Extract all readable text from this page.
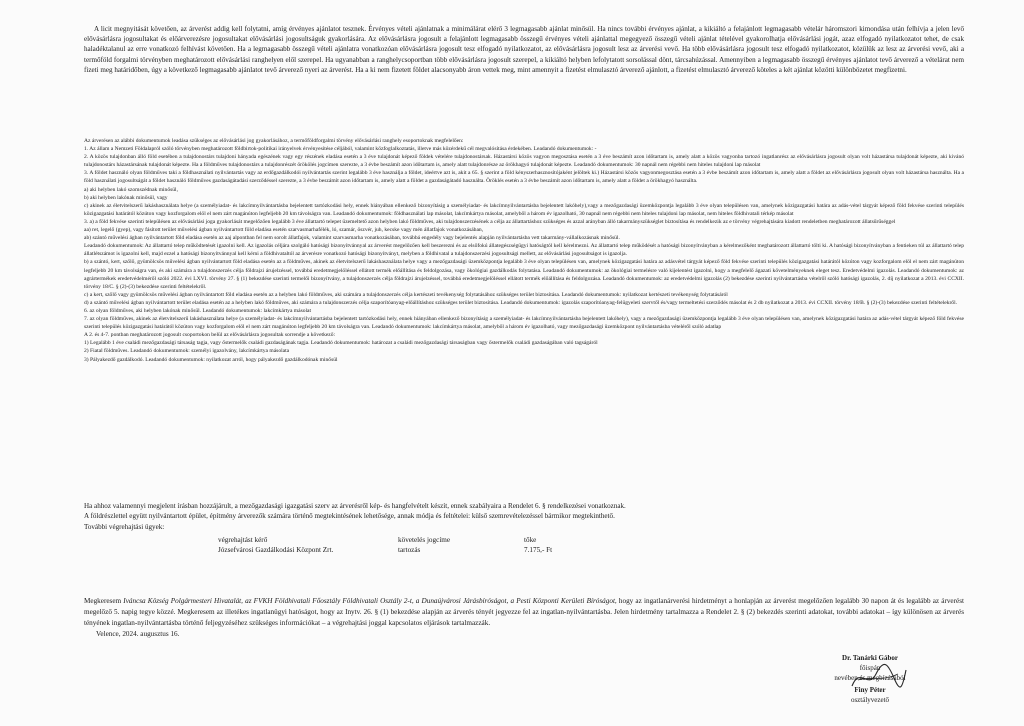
A licit megnyitását követően, az árverést addig kell folytatni, amíg érvényes ajánlatot tesznek. Érvényes vételi ajánlatnak a minimálárat elérő 3 legmagasabb ajánlat minősül. Ha nincs további érvényes ajánlat, a kikiáltó a felajánlott legmagasabb vételár háromszori kimondása után felhívja a jelen levő elővásárlásra jogosultakat és előárverezésre jogosultakat elővásárlási jogosultságuk gyakorlására. Az elővásárlásra jogosult a felajánlott legmagasabb összegű érvényes vételi ajánlattal megegyező összegű vételi ajánlat tételével gyakorolhatja elővásárlási jogát, azaz elfogadó nyilatkozatot tehet, de csak haladéktalanul az erre vonatkozó felhívást követően. Ha a legmagasabb összegű vételi ajánlatra vonatkozóan elővásárlásra jogosult tesz elfogadó nyilatkozatot, az elővásárlásra jogosult lesz az árverési vevő. Ha több elővásárlásra jogosult tesz elfogadó nyilatkozatot, közülük az lesz az árverési vevő, aki a termőföld forgalmi törvényben meghatározott elővásárlási ranghelyen elől szerepel. Ha ugyanabban a ranghelycsoportban több elővásárlásra jogosult szerepel, a kikiáltó helyben lefolytatott sorsolással dönt, tárcsahúzással. Amennyiben a legmagasabb összegű érvényes ajánlatot tevő árverező a vételárat nem fizeti meg határidőben, úgy a következő legmagasabb ajánlatot tevő árverező nyeri az árverést. Ha a ki nem fizetett földet alacsonyabb áron vettek meg, mint amennyit a fizetést elmulasztó árverező ajánlott, a fizetést elmulasztó árverező köteles a két ajánlat közötti különbözetet megfizetni.

Az árverésen az alábbi dokumentumok leadása szükséges az elővásárlási jog gyakorlásához, a termőföldforgalmi törvény elővásárlási ranghely esoportoknak megfelelően:

1. Az állam a Nemzeti Földalapról szóló törvényben meghatározott földbirtok-politikai irányelvek érvényesítése céljából, valamint közfoglalkoztatás, illetve más közérdekű cél megvalósítása érdekében. Leadandó dokumentumok: -

2. A közös tulajdonban álló föld esetében a tulajdonostárs tulajdoni hányada egészének vagy egy részének eladása esetén a 3 éve tulajdonát képező földek vételére tulajdonostársak. Házastársi közös vagyon megosztása esetén a 3 éve beszámít azon időtartam is, amely alatt a közös vagyonba tartozó ingatlanrész az elővásárlásra jogosult olyan volt házastársa tulajdonát képezte, aki kivánó tulajdonostárs házastársának tulajdonát képezte. Ha a földműves tulajdonostárs a tulajdonrészét örökölés jogcímen szerezte, a 3 évbe beszámít azon időtartam is, amely alatt tulajdonrésze az örökhagyó tulajdonát képezte. Leadandó dokumentumok: 30 napnál nem régebbi nem hiteles tulajdoni lap másolat

3. A földet használó olyan földműves taki a földhasználati nyilvántartás vagy az erdőgazdálkodói nyilvántartás szerint legalább 3 éve használja a földet, ideértve azt is, akit a 65. § szerint a föld kényszerhasznosítójaként jelöltek ki.) Házastársi közös vagyonmegosztása esetén a 3 évbe beszámít azon időtartam is, amely alatt a földet az elővásárlásra jogosult olyan volt házastársa használta. Ha a föld használati jogosultságát a földet használó földműves gazdaságátadási szerződéssel szerezte, a 3 évbe beszámít azon időtartam is, amely alatt a földet a gazdaságátadó használta. Öröklés esetén a 3 évbe beszámít azon időtartam is, amely alatt a földet a örökhagyó használta.

a) aki helyben lakó szomszédnak minősül,

b) aki helyben lakónak minősül, vagy

c) akinek az életvitelszerű lakáshasználata helye (a személyiadat- és lakcímnyilvántartásba bejelentett tartózkodási hely, ennek hiányában ellenkező bizonyításig a személyiadat- és lakcímnyilvántartásba bejelentett lakóhely),vagy a mezőgazdasági üzemközpontja legalább 3 éve olyan településen van, amelynek közigazgatási határa az adás-vétel tárgyát képező föld fekvése szerinti település közigazgatási határától közúton vagy kozforgalom elöl el nem zárt magánúton legfeljebb 20 km távolságra van. Leadandó dokumentumok: földhasználati lap másolat, lakcímkártya másolat, amelyből a három év igazolható, 30 napnál nem régebbi nem hiteles tulajdoni lap másolat, nem hiteles földhivatali térkép másolat

3. a) a föld fekvése szerinti településen az elővásárlási joga gyakorlását megelőzően legalább 3 éve állattartó telepet üzemeltető azon helyben lakó földműves, aki tulajdonszerzésének a célja az állattartáshoz szükséges és azzal arányban álló takarmányszükséglet biztosítása és rendelkezik az e törvény végrehajtására kiadott rendeletben meghatározott állatsűrűséggel

aa) ret, legelő (gyep), vagy fásított terület művelési ágban nyilvántartott föld eladása esetén szarvasmarhafélék, ló, szamár, öszvér, juh, kecske vagy mén állatfajok vonatkozásában,

ab) szántó művelési ágban nyilvántartott föld eladása esetén az aaj alpontban fel nem sorolt állatfajok, valamint szarvasmarha vonatkozásában, továbbá engedély vagy bejelentés alapján nyilvántartásba vett takarmány-vállalkozásnak minősül.

Leadandó dokumentumok: Az állattartó telep működtetését igazolni kell. Az igazolás céljára szolgáló hatósági bizonyítvánnyal az árverést megelőzően kell beszerezni és az elsőfokú állategészségügyi hatóságtól kell kérelmezni. Az állattartó telep működését a hatósági bizonyítványban a kérelmezőként meghatározott állattartó tölti ki. A hatósági bizonyítványban a fentieken túl az állattartó telep állatlétszámot is igazolni kell, majd ezzel a hatósági bizonyítvánnyal kell kérni a földhivataltól az árverésre vonatkozó hatósági bizonyítványt, melyben a földhivatal a tulajdonszerzési jogosultsági mellett, az elővásárlási jogosultságot is igazolja.

b) a szántó, kert, szőlő, gyümölcsös művelési ágban nyilvántartott föld eladása esetén az a földműves, akinek az életvitelszerű lakáshasználata helye vagy a mezőgazdasági üzemközpontja legalább 3 éve olyan településen van, amelynek közigazgatási határa az adásvétel tárgyát képező föld fekvése szerinti település közigazgatási határától közúton vagy kozforgalom elöl el nem zárt magánúton legfeljebb 20 km távolságra van, és aki számára a tulajdonszerzés célja földrajzi árujelzéssel, továbbá eredetmegjelöléssel ellátott termék előállítása és feldolgozása, vagy ökológiai gazdálkodás folytatása. Leadandó dokumentumok: az ökológiai termelésre való kijelentést igazolni, hogy a megfelelő ágazati követelményeknek eleget tesz. Eredetvédelmi igazolás. Leadandó dokumentumok: az agrártermékek eredetvédelméről szóló 2022. évi LXVI. törvény 27. § (1) bekezdése szerinti termelői bizonyítvány, a tulajdonszerzés célja földrajzi árujelzéssel, továbbá eredetmegjelöléssel ellátott termék előállítása és feldolgozása. Leadandó dokumentumok: az eredetvédelmi igazolás (2) bekezdése szerinti nyilvántartásba vételről szóló hatósági igazolás, 2. díj nyilatkozat a 2013. évi CCXII. törvény 18/C. § (2)-(3) bekezdése szerinti feltételekről.

c) a kert, szőlő vagy gyümölcsös művelési ágban nyilvántartott föld eladása esetén az a helyben lakó földműves, aki számára a tulajdonszerzés célja kertészeti tevékenység folytatásához szükséges terület biztosítása. Leadandó dokumentumok: nyilatkozat kertészeti tevékenység folytatásáról

d) a szántó művelési ágban nyilvántartott terület eladása esetén az a helyben lakó földműves, aki számára a tulajdonszerzés célja szaporítóanyag-előállításhoz szükséges terület biztosítása. Leadandó dokumentumok: igazolás szaporítóanyag-felügyeleti szervtől és/vagy termeltetési szerződés másolat és 2 db nyilatkozat a 2013. évi CCXII. törvény 18/B. § (2)-(3) bekezdése szerinti feltételekről.

6. az olyan földműves, aki helyben lakónak minősül. Leadandó dokumentumok: lakcímkártya másolat

7. az olyan földműves, akinek az életvitelszerű lakáshasználata helye (a személyiadat- és lakcímnyilvántartásba bejelentett tartózkodási hely, ennek hiányában ellenkező bizonyításig a személyiadat- és lakcímnyilvántartásba bejelentett lakóhely), vagy a mezőgazdasági üzemközpontja legalább 3 éve olyan településen van, amelynek közigazgatási határa az adás-vétel tárgyát képező föld fekvése szerinti település közigazgatási határától közúton vagy kozforgalom elöl el nem zárt magánúton legfeljebb 20 km távolságra van. Leadandó dokumentumok: lakcímkártya másolat, amelyből a három év igazolható, vagy mezőgazdasági üzemközpont nyilvántartásba vételéről szóló adatlap

A 2. és 4-7. pontban meghatározott jogosult csoportokon belül az elővásárlásra jogosultak sorrendje a következő:

1) Legalább 1 éve családi mezőgazdasági társaság tagja, vagy őstermelők családi gazdaságának tagja. Leadandó dokumentumok: határozat a családi mezőgazdasági társaságban vagy őstermelők családi gazdaságában való tagságáról

2) Fiatal földműves. Leadandó dokumentumok: személyi igazolvány, lakcímkártya másolata

3) Pályakezdő gazdálkodó. Leadandó dokumentumok: nyilatkozat arról, hogy pályakezdő gazdálkodónak minősül

Ha ahhoz valamennyi megjelent írásban hozzájárult, a mezőgazdasági igazgatási szerv az árverésről kép- és hangfelvételt készít, ennek szabályaira a Rendelet 6. § rendelkezései vonatkoznak.
A földrészlettel együtt nyilvántartott épület, építmény árverezők számára történő megtekintésének lehetősége, annak módja és feltételei: külső szemrevételezéssel bármikor megtekinthető.
További végrehajtási ügyek:
	végrehajtást kérő	követelés jogcíme	tőke
	Józsefvárosi Gazdálkodási Központ Zrt.	tartozás	7.175,- Ft
Megkeresem Iváncsa Község Polgármesteri Hivatalát, az FVKH Földhivatali Főosztály Földhivatali Osztály 2-t, a Dunaújvárosi Járásbíróságot, a Pesti Központi Kerületi Bíróságot, hogy az ingatlanárverési hirdetményt a honlapján az árverést megelőzően legalább 30 napon át és legalább az árverést megelőző 5. napig tegye közzé. Megkeresem az illetékes ingatlanügyi hatóságot, hogy az Inytv. 26. § (1) bekezdése alapján az árverés tényét jegyezze fel az ingatlan-nyilvántartásba. Jelen hirdetmény tartalmazza a Rendelet 2. § (2) bekezdés szerinti adatokat, további adatokat – így különösen az árverés tényének ingatlan-nyilvántartásba történő feljegyzéséhez szükséges információkat – a végrehajtási joggal kapcsolatos eljárások tartalmazzák.
Velence, 2024. augusztus 16.
Dr. Tanárki Gábor
főispán
nevében és megbízásából
Finy Péter
osztályvezető
